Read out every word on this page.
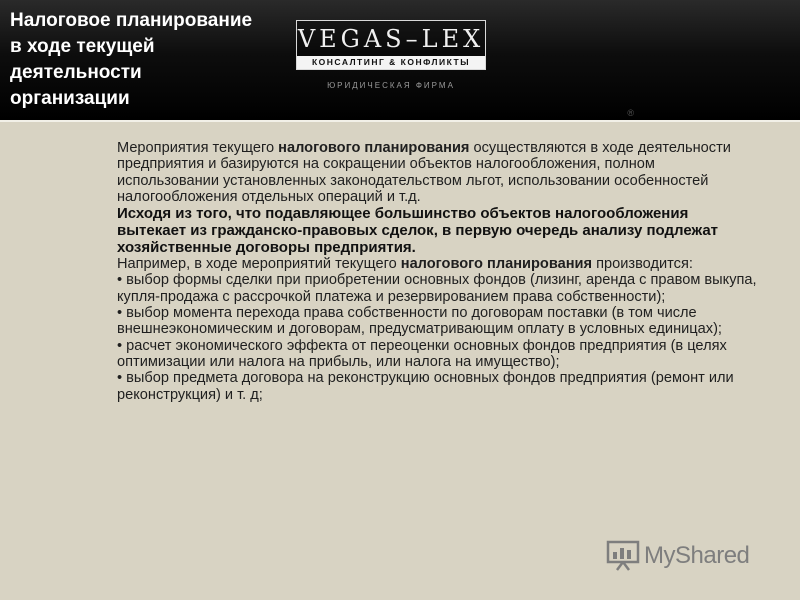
Налоговое планирование
в ходе текущей
деятельности
организации
VEGAS–LEX
КОНСАЛТИНГ & КОНФЛИКТЫ
ЮРИДИЧЕСКАЯ ФИРМА
®

Мероприятия текущего налогового планирования осуществляются в ходе деятельности предприятия и базируются на сокращении объектов налогообложения, полном использовании установленных законодательством льгот, использовании особенностей налогообложения отдельных операций и т.д.

Исходя из того, что подавляющее большинство объектов налогообложения вытекает из гражданско-правовых сделок, в первую очередь анализу подлежат хозяйственные договоры предприятия.

Например, в ходе мероприятий текущего налогового планирования производится:

• выбор формы сделки при приобретении основных фондов (лизинг, аренда с правом выкупа, купля-продажа с рассрочкой платежа и резервированием права собственности);

• выбор момента перехода права собственности по договорам поставки (в том числе внешнеэкономическим и договорам, предусматривающим оплату в условных единицах);

• расчет экономического эффекта от переоценки основных фондов предприятия (в целях оптимизации или налога на прибыль, или налога на имущество);

• выбор предмета договора на реконструкцию основных фондов предприятия (ремонт или реконструкция) и т. д;

MyShared
